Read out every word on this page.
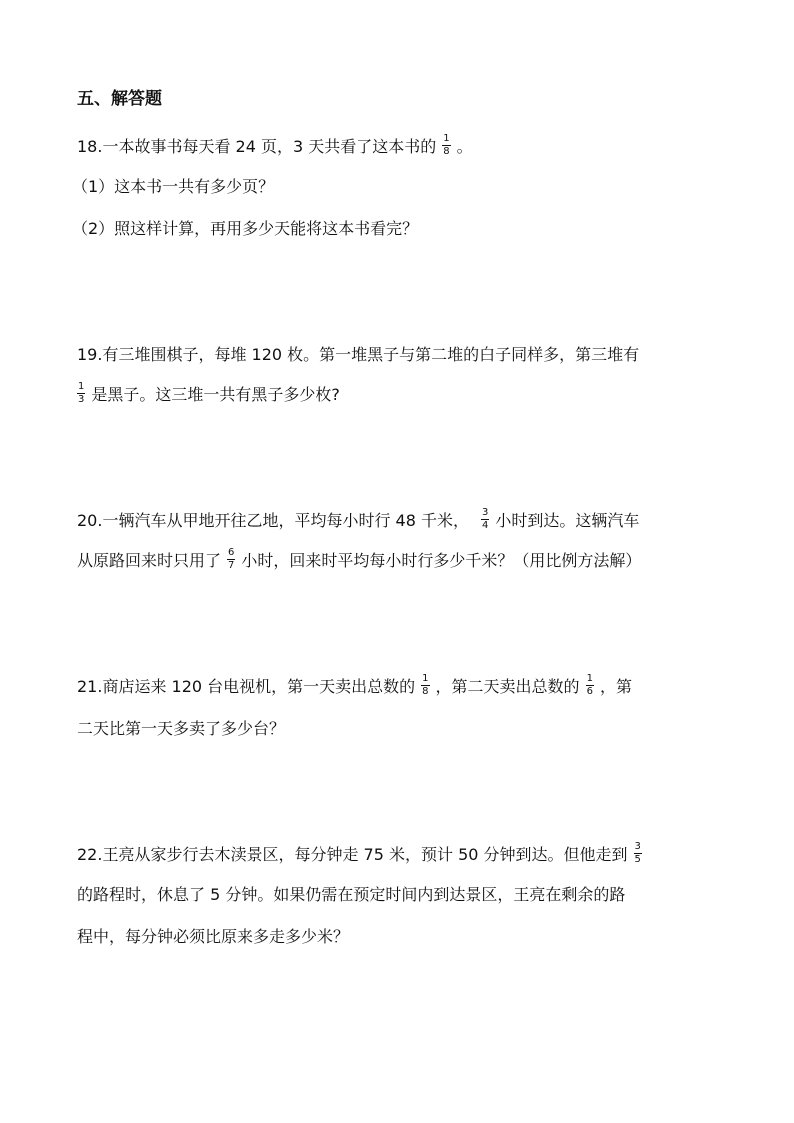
五、解答题
18.一本故事书每天看 24 页，3 天共看了这本书的 $\frac{1}{8}$ 。
（1）这本书一共有多少页？
（2）照这样计算，再用多少天能将这本书看完？
19.有三堆围棋子，每堆 120 枚。第一堆黑子与第二堆的白子同样多，第三堆有
$\frac{1}{3}$ 是黑子。这三堆一共有黑子多少枚?
20.一辆汽车从甲地开往乙地，平均每小时行 48 千米， $\frac{3}{4}$ 小时到达。这辆汽车
从原路回来时只用了 $\frac{6}{7}$ 小时，回来时平均每小时行多少千米？（用比例方法解）
21.商店运来 120 台电视机，第一天卖出总数的 $\frac{1}{8}$ ，第二天卖出总数的 $\frac{1}{6}$ ，第
二天比第一天多卖了多少台？
22.王亮从家步行去木渎景区，每分钟走 75 米，预计 50 分钟到达。但他走到 $\frac{3}{5}$
的路程时，休息了 5 分钟。如果仍需在预定时间内到达景区，王亮在剩余的路
程中，每分钟必须比原来多走多少米？
